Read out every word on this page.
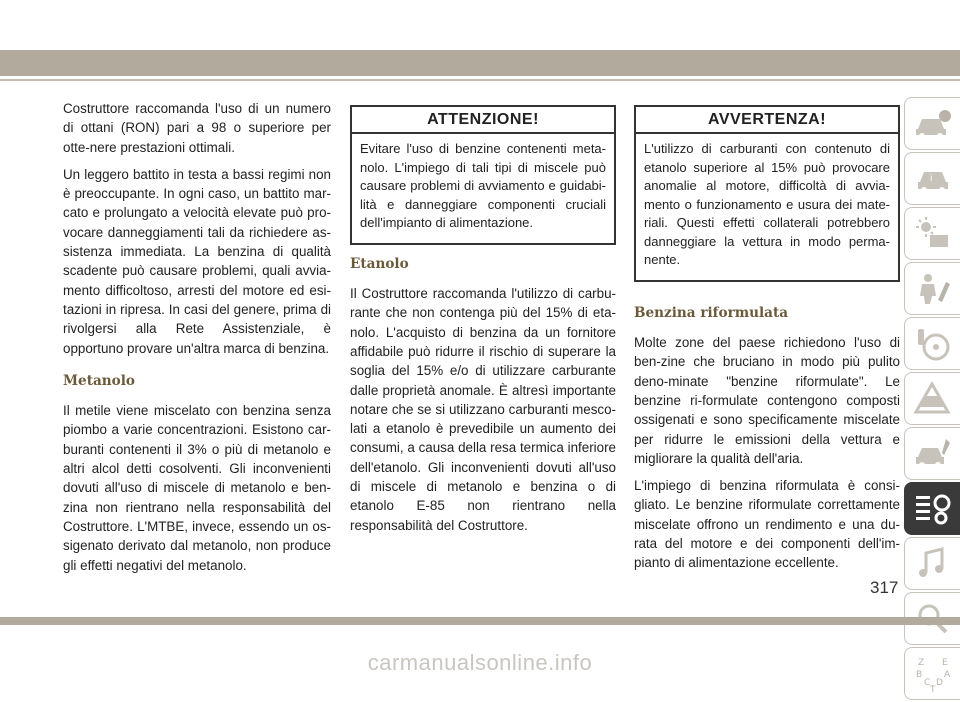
Costruttore raccomanda l'uso di un numero di ottani (RON) pari a 98 o superiore per otte-nere prestazioni ottimali.

Un leggero battito in testa a bassi regimi non è preoccupante. In ogni caso, un battito mar-cato e prolungato a velocità elevate può pro-vocare danneggiamenti tali da richiedere as-sistenza immediata. La benzina di qualità scadente può causare problemi, quali avvia-mento difficoltoso, arresti del motore ed esi-tazioni in ripresa. In casi del genere, prima di rivolgersi alla Rete Assistenziale, è opportuno provare un'altra marca di benzina.

Metanolo

Il metile viene miscelato con benzina senza piombo a varie concentrazioni. Esistono car-buranti contenenti il 3% o più di metanolo e altri alcol detti cosolventi. Gli inconvenienti dovuti all'uso di miscele di metanolo e ben-zina non rientrano nella responsabilità del Costruttore. L'MTBE, invece, essendo un os-sigenato derivato dal metanolo, non produce gli effetti negativi del metanolo.

ATTENZIONE!
Evitare l'uso di benzine contenenti meta-nolo. L'impiego di tali tipi di miscele può causare problemi di avviamento e guidabi-lità e danneggiare componenti cruciali dell'impianto di alimentazione.
Etanolo

Il Costruttore raccomanda l'utilizzo di carbu-rante che non contenga più del 15% di eta-nolo. L'acquisto di benzina da un fornitore affidabile può ridurre il rischio di superare la soglia del 15% e/o di utilizzare carburante dalle proprietà anomale. È altresì importante notare che se si utilizzano carburanti mesco-lati a etanolo è prevedibile un aumento dei consumi, a causa della resa termica inferiore dell'etanolo. Gli inconvenienti dovuti all'uso di miscele di metanolo e benzina o di etanolo E-85 non rientrano nella responsabilità del Costruttore.

AVVERTENZA!
L'utilizzo di carburanti con contenuto di etanolo superiore al 15% può provocare anomalie al motore, difficoltà di avvia-mento o funzionamento e usura dei mate-riali. Questi effetti collaterali potrebbero danneggiare la vettura in modo perma-nente.
Benzina riformulata

Molte zone del paese richiedono l'uso di ben-zine che bruciano in modo più pulito deno-minate "benzine riformulate". Le benzine ri-formulate contengono composti ossigenati e sono specificamente miscelate per ridurre le emissioni della vettura e migliorare la qualità dell'aria.

L'impiego di benzina riformulata è consi-gliato. Le benzine riformulate correttamente miscelate offrono un rendimento e una du-rata del motore e dei componenti dell'im-pianto di alimentazione eccellente.

i
Z E
B A
C D
T
317
carmanualsonline.info
